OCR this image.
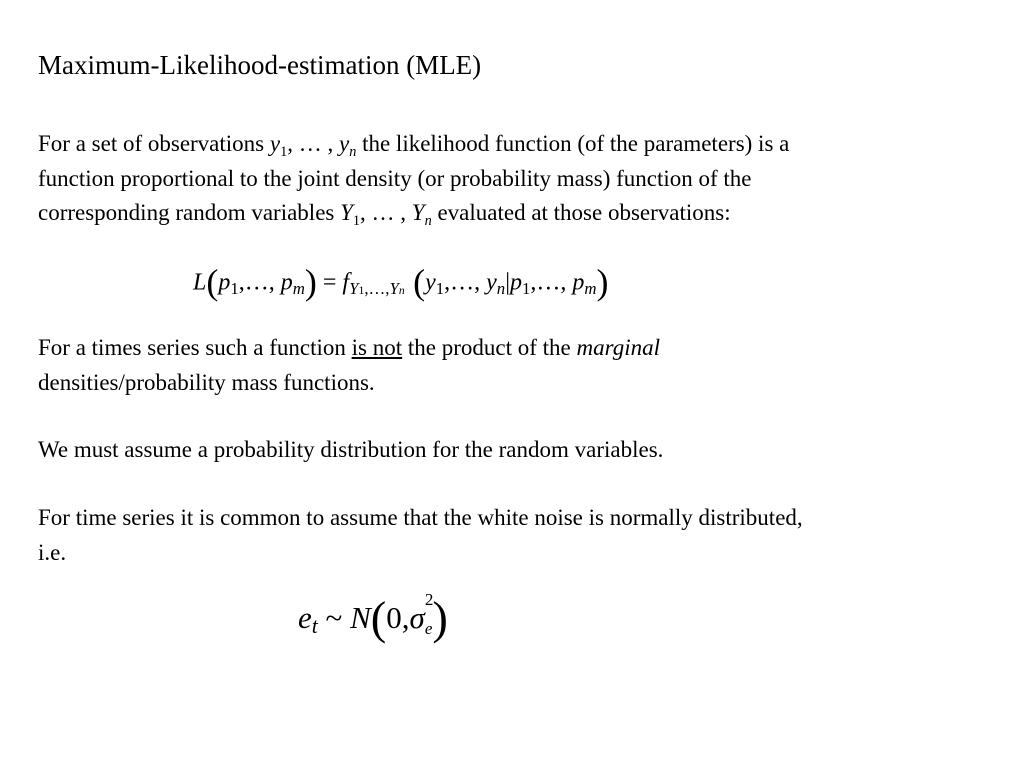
Maximum-Likelihood-estimation (MLE)
For a set of observations $y_1$, … , $y_n$ the likelihood function (of the parameters) is a
function proportional to the joint density (or probability mass) function of the
corresponding random variables $Y_1$, … , $Y_n$ evaluated at those observations:
L(p1,…, pm) = fY1,…,Yn (y1,…, yn|p1,…, pm)
For a times series such a function is not the product of the marginal
densities/probability mass functions.
We must assume a probability distribution for the random variables.
For time series it is common to assume that the white noise is normally distributed,
i.e.
et ~ N(0,σ
2
e)
